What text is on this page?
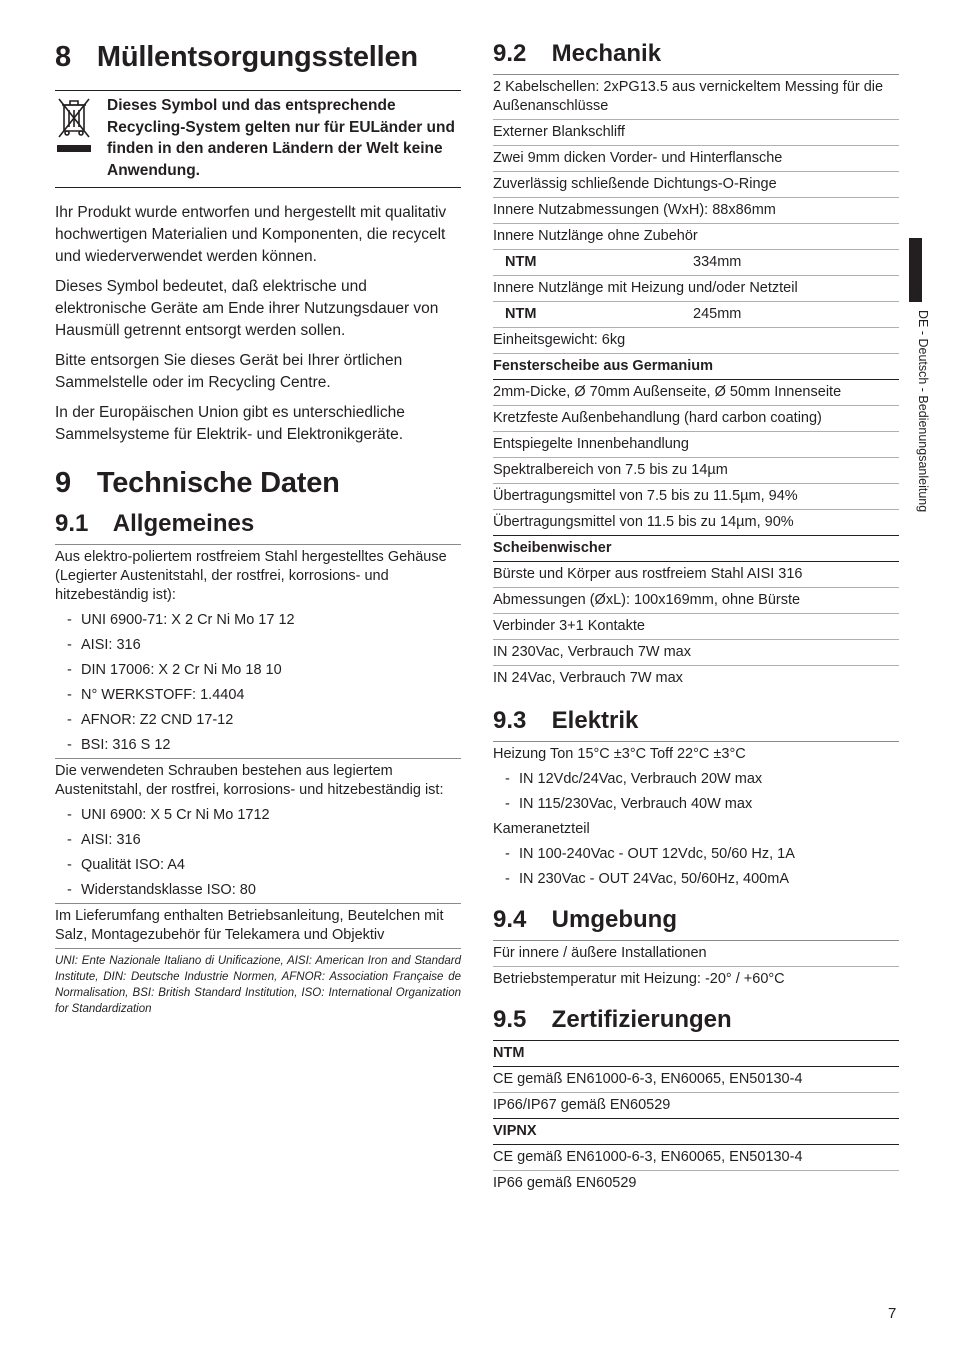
8 Müllentsorgungsstellen
Dieses Symbol und das entsprechende Recycling-System gelten nur für EULänder und finden in den anderen Ländern der Welt keine Anwendung.

Ihr Produkt wurde entworfen und hergestellt mit qualitativ hochwertigen Materialien und Komponenten, die recycelt und wiederverwendet werden können.

Dieses Symbol bedeutet, daß elektrische und elektronische Geräte am Ende ihrer Nutzungsdauer von Hausmüll getrennt entsorgt werden sollen.

Bitte entsorgen Sie dieses Gerät bei Ihrer örtlichen Sammelstelle oder im Recycling Centre.

In der Europäischen Union gibt es unterschiedliche Sammelsysteme für Elektrik- und Elektronikgeräte.

9 Technische Daten
9.1 Allgemeines
Aus elektro-poliertem rostfreiem Stahl hergestelltes Gehäuse (Legierter Austenitstahl, der rostfrei, korrosions- und hitzebeständig ist):
- UNI 6900-71: X 2 Cr Ni Mo 17 12
- AISI: 316
- DIN 17006: X 2 Cr Ni Mo 18 10
- N° WERKSTOFF: 1.4404
- AFNOR: Z2 CND 17-12
- BSI: 316 S 12
Die verwendeten Schrauben bestehen aus legiertem Austenitstahl, der rostfrei, korrosions- und hitzebeständig ist:
- UNI 6900: X 5 Cr Ni Mo 1712
- AISI: 316
- Qualität ISO: A4
- Widerstandsklasse ISO: 80
Im Lieferumfang enthalten Betriebsanleitung, Beutelchen mit Salz, Montagezubehör für Telekamera und Objektiv
UNI: Ente Nazionale Italiano di Unificazione, AISI: American Iron and Standard Institute, DIN: Deutsche Industrie Normen, AFNOR: Association Française de Normalisation, BSI: British Standard Institution, ISO: International Organization for Standardization
9.2 Mechanik
2 Kabelschellen: 2xPG13.5 aus vernickeltem Messing für die Außenanschlüsse
Externer Blankschliff
Zwei 9mm dicken Vorder- und Hinterflansche
Zuverlässig schließende Dichtungs-O-Ringe
Innere Nutzabmessungen (WxH): 88x86mm
Innere Nutzlänge ohne Zubehör
NTM	334mm
Innere Nutzlänge mit Heizung und/oder Netzteil
NTM	245mm
Einheitsgewicht: 6kg
Fensterscheibe aus Germanium
2mm-Dicke, Ø 70mm Außenseite, Ø 50mm Innenseite
Kretzfeste Außenbehandlung (hard carbon coating)
Entspiegelte Innenbehandlung
Spektralbereich von 7.5 bis zu 14µm
Übertragungsmittel von 7.5 bis zu 11.5µm, 94%
Übertragungsmittel von 11.5 bis zu 14µm, 90%
Scheibenwischer
Bürste und Körper aus rostfreiem Stahl AISI 316
Abmessungen (ØxL): 100x169mm, ohne Bürste
Verbinder 3+1 Kontakte
IN 230Vac, Verbrauch 7W max
IN 24Vac, Verbrauch 7W max
9.3 Elektrik
Heizung Ton 15°C ±3°C Toff 22°C ±3°C
- IN 12Vdc/24Vac, Verbrauch 20W max
- IN 115/230Vac, Verbrauch 40W max
Kameranetzteil
- IN 100-240Vac - OUT 12Vdc, 50/60 Hz, 1A
- IN 230Vac - OUT 24Vac, 50/60Hz, 400mA
9.4 Umgebung
Für innere / äußere Installationen
Betriebstemperatur mit Heizung: -20° / +60°C
9.5 Zertifizierungen
NTM
CE gemäß EN61000-6-3, EN60065, EN50130-4
IP66/IP67 gemäß EN60529
VIPNX
CE gemäß EN61000-6-3, EN60065, EN50130-4
IP66 gemäß EN60529
DE - Deutsch - Bedienungsanleitung
7
